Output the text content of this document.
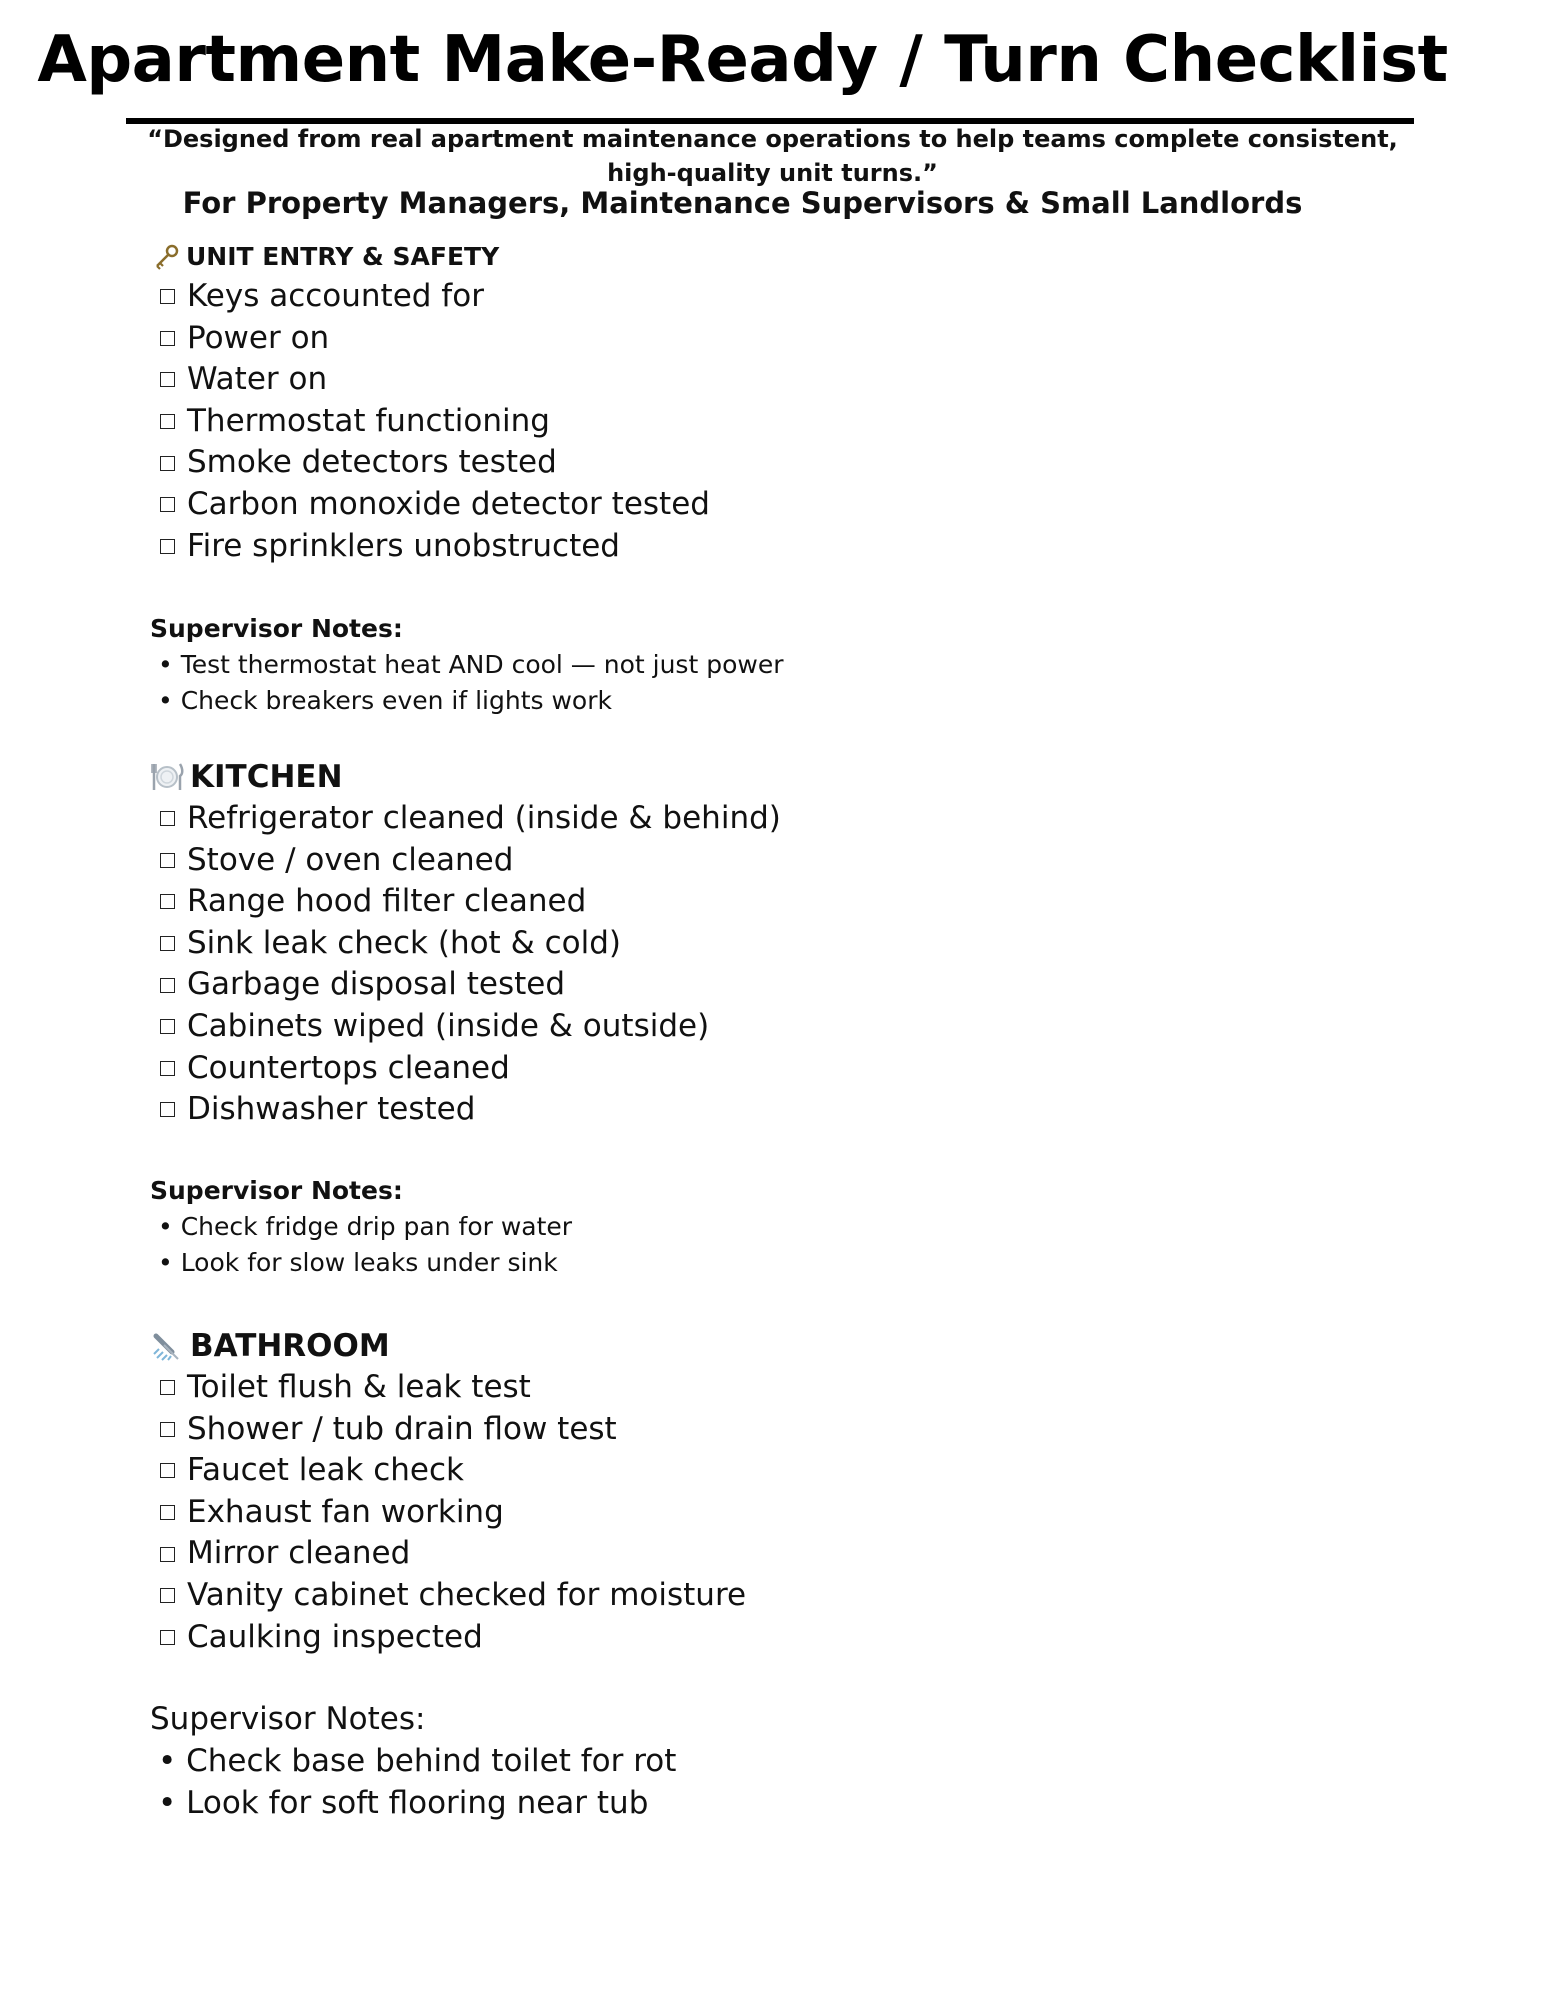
Apartment Make-Ready / Turn Checklist
“Designed from real apartment maintenance operations to help teams complete consistent, high-quality unit turns.”
For Property Managers, Maintenance Supervisors & Small Landlords
UNIT ENTRY & SAFETY
Keys accounted for
Power on
Water on
Thermostat functioning
Smoke detectors tested
Carbon monoxide detector tested
Fire sprinklers unobstructed
Supervisor Notes:
• Test thermostat heat AND cool — not just power
• Check breakers even if lights work
KITCHEN
Refrigerator cleaned (inside & behind)
Stove / oven cleaned
Range hood filter cleaned
Sink leak check (hot & cold)
Garbage disposal tested
Cabinets wiped (inside & outside)
Countertops cleaned
Dishwasher tested
Supervisor Notes:
• Check fridge drip pan for water
• Look for slow leaks under sink
BATHROOM
Toilet flush & leak test
Shower / tub drain flow test
Faucet leak check
Exhaust fan working
Mirror cleaned
Vanity cabinet checked for moisture
Caulking inspected
Supervisor Notes:
• Check base behind toilet for rot
• Look for soft flooring near tub
